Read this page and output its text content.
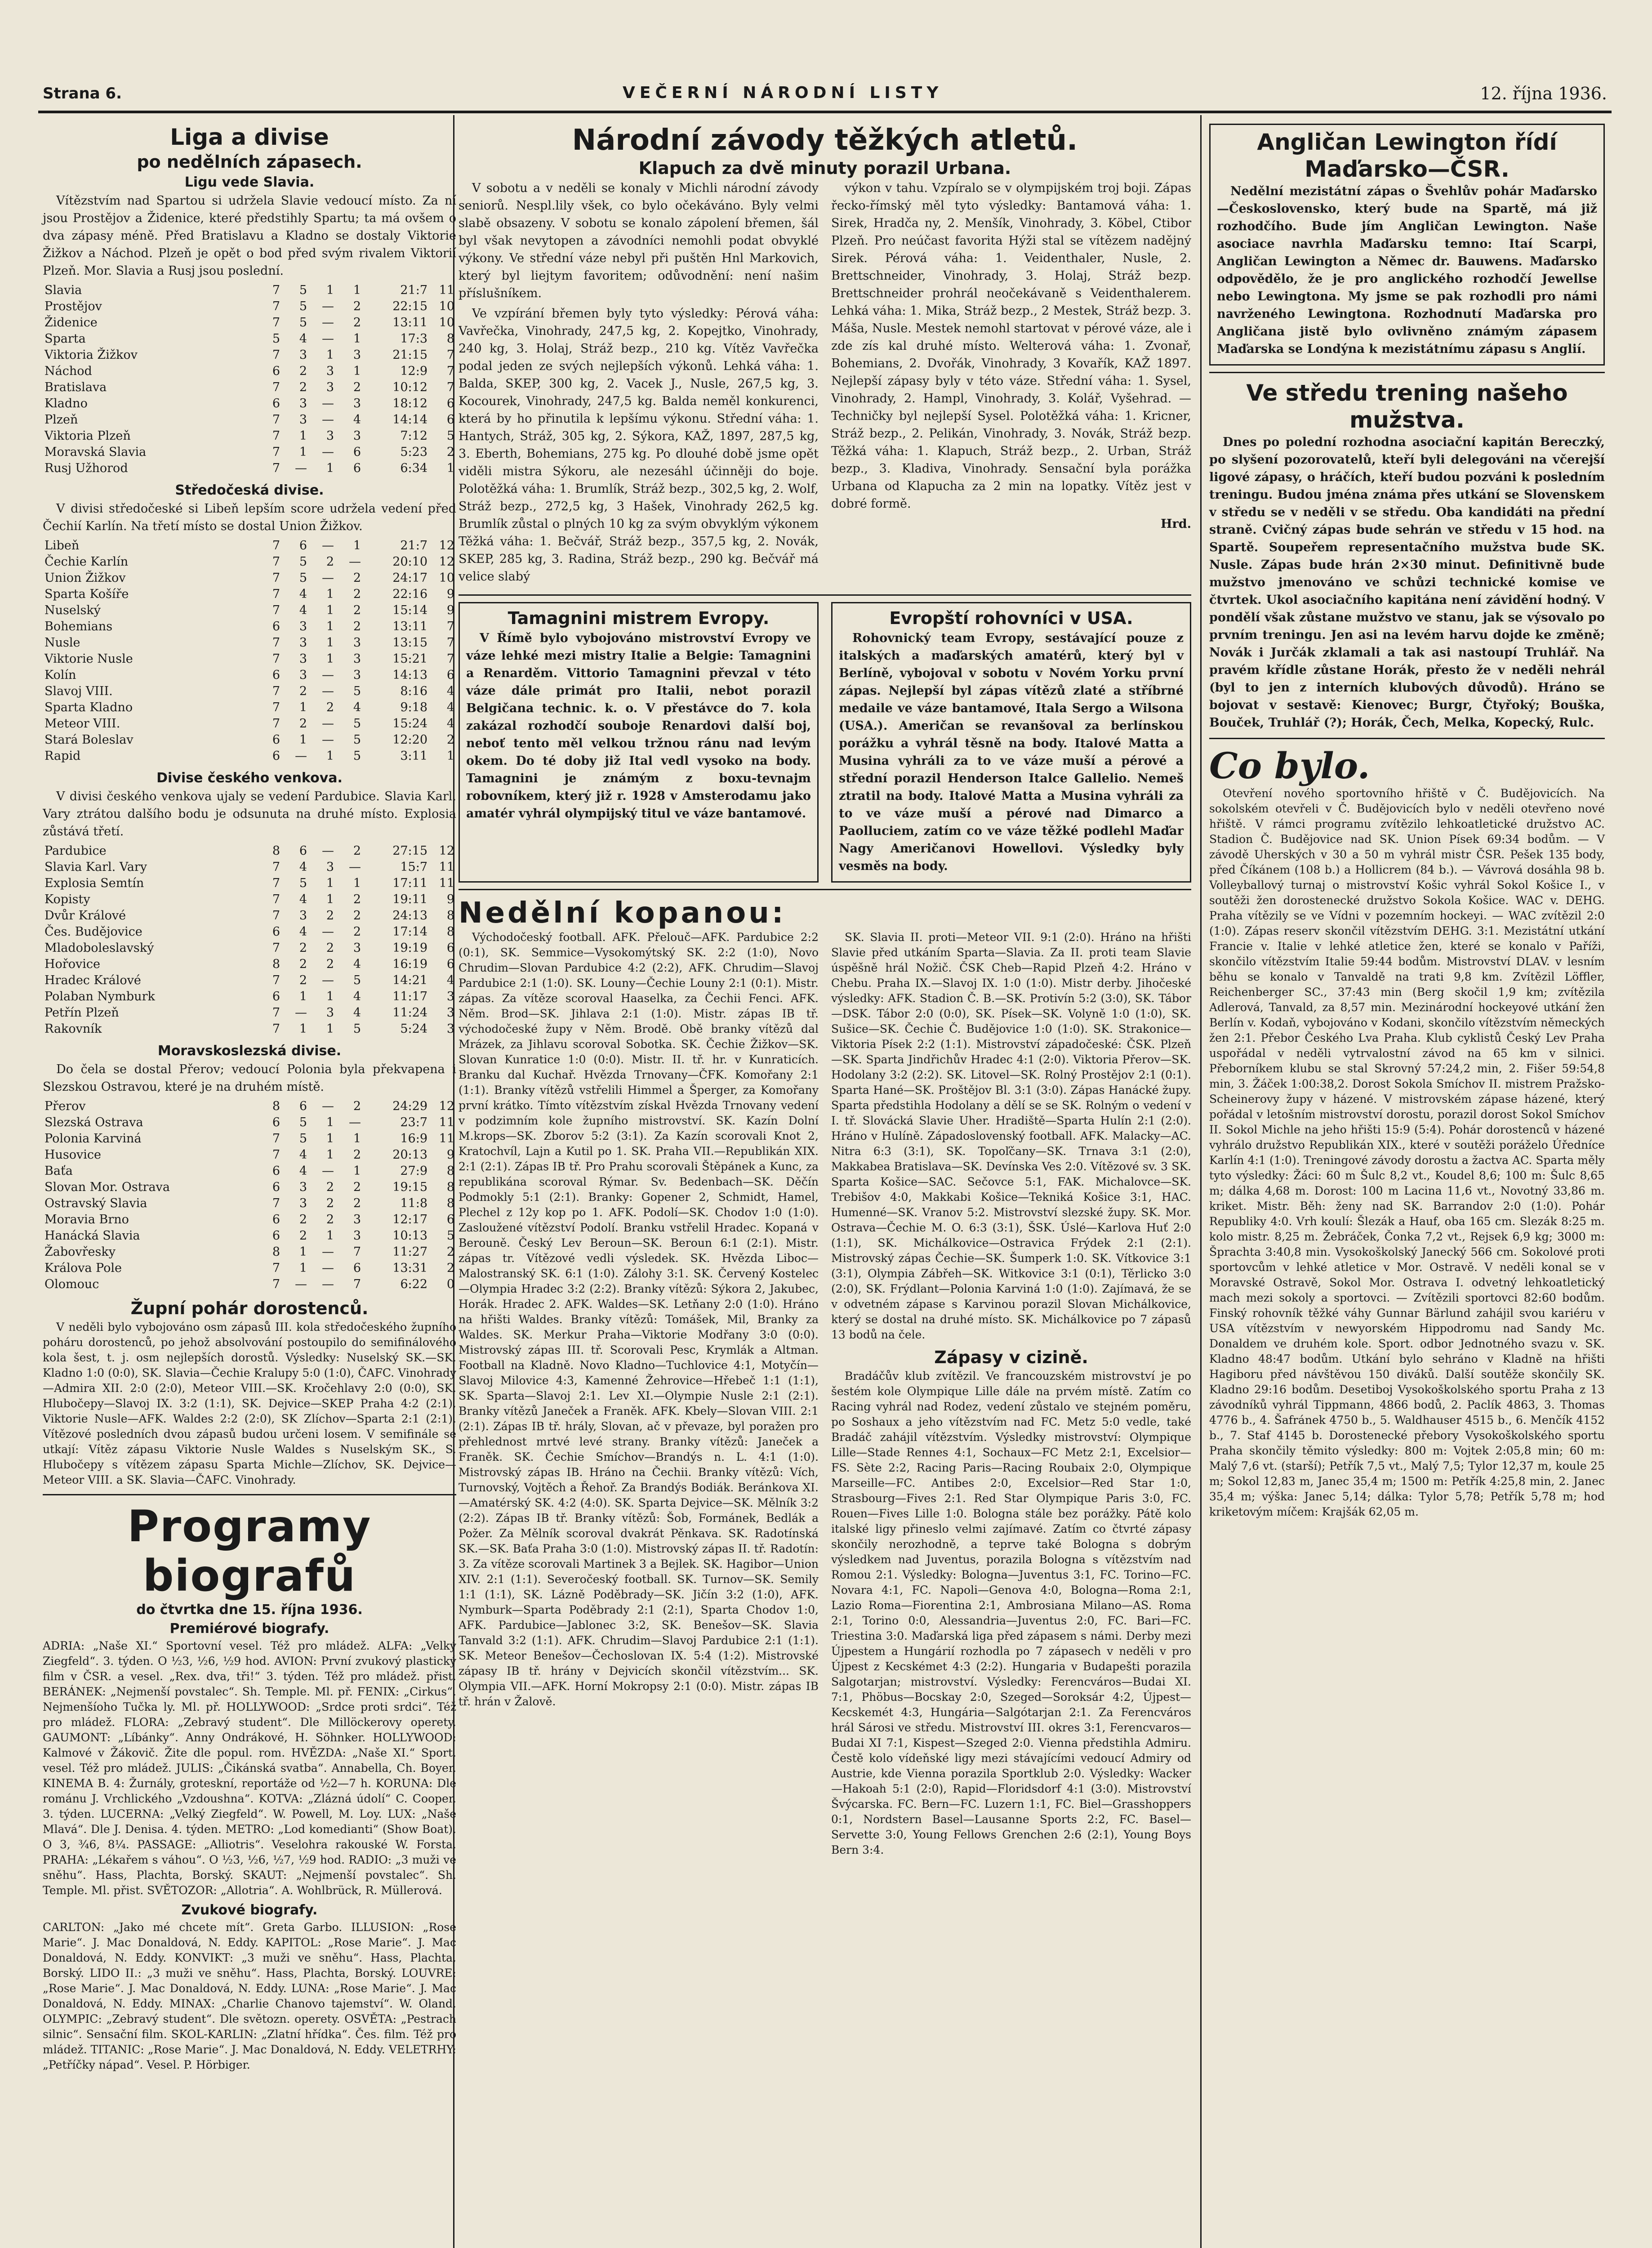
Strana 6.	VEČERNÍ NÁRODNÍ LISTY	12. října 1936.
Liga a divise
po nedělních zápasech.
Ligu vede Slavia.

Vítězstvím nad Spartou si udržela Slavie vedoucí místo. Za ní jsou Prostějov a Židenice, které předstihly Spartu; ta má ovšem o dva zápasy méně. Před Bratislavu a Kladno se dostaly Viktorie Žižkov a Náchod. Plzeň je opět o bod před svým rivalem Viktorií Plzeň. Mor. Slavia a Rusj jsou poslední.

Slavia	7	5	1	1	21:7	11
Prostějov	7	5	—	2	22:15	10
Židenice	7	5	—	2	13:11	10
Sparta	5	4	—	1	17:3	8
Viktoria Žižkov	7	3	1	3	21:15	7
Náchod	6	2	3	1	12:9	7
Bratislava	7	2	3	2	10:12	7
Kladno	6	3	—	3	18:12	6
Plzeň	7	3	—	4	14:14	6
Viktoria Plzeň	7	1	3	3	7:12	5
Moravská Slavia	7	1	—	6	5:23	2
Rusj Užhorod	7	—	1	6	6:34	1
Středočeská divise.

V divisi středočeské si Libeň lepším score udržela vedení před Čechií Karlín. Na třetí místo se dostal Union Žižkov.

Libeň	7	6	—	1	21:7	12
Čechie Karlín	7	5	2	—	20:10	12
Union Žižkov	7	5	—	2	24:17	10
Sparta Košíře	7	4	1	2	22:16	9
Nuselský	7	4	1	2	15:14	9
Bohemians	6	3	1	2	13:11	7
Nusle	7	3	1	3	13:15	7
Viktorie Nusle	7	3	1	3	15:21	7
Kolín	6	3	—	3	14:13	6
Slavoj VIII.	7	2	—	5	8:16	4
Sparta Kladno	7	1	2	4	9:18	4
Meteor VIII.	7	2	—	5	15:24	4
Stará Boleslav	6	1	—	5	12:20	2
Rapid	6	—	1	5	3:11	1
Divise českého venkova.

V divisi českého venkova ujaly se vedení Pardubice. Slavia Karl. Vary ztrátou dalšího bodu je odsunuta na druhé místo. Explosia zůstává třetí.

Pardubice	8	6	—	2	27:15	12
Slavia Karl. Vary	7	4	3	—	15:7	11
Explosia Semtín	7	5	1	1	17:11	11
Kopisty	7	4	1	2	19:11	9
Dvůr Králové	7	3	2	2	24:13	8
Čes. Budějovice	6	4	—	2	17:14	8
Mladoboleslavský	7	2	2	3	19:19	6
Hořovice	8	2	2	4	16:19	6
Hradec Králové	7	2	—	5	14:21	4
Polaban Nymburk	6	1	1	4	11:17	3
Petřín Plzeň	7	—	3	4	11:24	3
Rakovník	7	1	1	5	5:24	3
Moravskoslezská divise.

Do čela se dostal Přerov; vedoucí Polonia byla překvapena i Slezskou Ostravou, které je na druhém místě.

Přerov	8	6	—	2	24:29	12
Slezská Ostrava	6	5	1	—	23:7	11
Polonia Karviná	7	5	1	1	16:9	11
Husovice	7	4	1	2	20:13	9
Baťa	6	4	—	1	27:9	8
Slovan Mor. Ostrava	6	3	2	2	19:15	8
Ostravský Slavia	7	3	2	2	11:8	8
Moravia Brno	6	2	2	3	12:17	6
Hanácká Slavia	6	2	1	3	10:13	5
Žabovřesky	8	1	—	7	11:27	2
Králova Pole	7	1	—	6	13:31	2
Olomouc	7	—	—	7	6:22	0
Župní pohár dorostenců.

V neděli bylo vybojováno osm zápasů III. kola středočeského župního poháru dorostenců, po jehož absolvování postoupilo do semifinálového kola šest, t. j. osm nejlepších dorostů. Výsledky: Nuselský SK.—SK. Kladno 1:0 (0:0), SK. Slavia—Čechie Kralupy 5:0 (1:0), ČAFC. Vinohrady—Admira XII. 2:0 (2:0), Meteor VIII.—SK. Kročehlavy 2:0 (0:0), SK. Hlubočepy—Slavoj IX. 3:2 (1:1), SK. Dejvice—SKEP Praha 4:2 (2:1), Viktorie Nusle—AFK. Waldes 2:2 (2:0), SK Zlíchov—Sparta 2:1 (2:1). Vítězové posledních dvou zápasů budou určeni losem. V semifinále se utkají: Vítěz zápasu Viktorie Nusle Waldes s Nuselským SK., S. Hlubočepy s vítězem zápasu Sparta Michle—Zlíchov, SK. Dejvice—Meteor VIII. a SK. Slavia—ČAFC. Vinohrady.

Programy biografů
do čtvrtka dne 15. října 1936.
Premiérové biografy.

ADRIA: „Naše XI.“ Sportovní vesel. Též pro mládež. ALFA: „Velký Ziegfeld“. 3. týden. O ½3, ½6, ½9 hod. AVION: První zvukový plastický film v ČSR. a vesel. „Rex. dva, tři!“ 3. týden. Též pro mládež. přist. BERÁNEK: „Nejmenší povstalec“. Sh. Temple. Ml. př. FENIX: „Cirkus“. Nejmenšíoho Tučka ly. Ml. př. HOLLYWOOD: „Srdce proti srdci“. Též pro mládež. FLORA: „Zebravý student“. Dle Millöckerovy operety. GAUMONT: „Líbánky“. Anny Ondrákové, H. Söhnker. HOLLYWOOD: Kalmové v Žákovič. Žite dle popul. rom. HVĚZDA: „Naše XI.“ Sport. vesel. Též pro mládež. JULIS: „Čikánská svatba“. Annabella, Ch. Boyer. KINEMA B. 4: Žurnály, groteskní, reportáže od ½2—7 h. KORUNA: Dle románu J. Vrchlického „Vzdoushna“. KOTVA: „Zlázná údolí“ C. Cooper. 3. týden. LUCERNA: „Velký Ziegfeld“. W. Powell, M. Loy. LUX: „Naše Mlavá“. Dle J. Denisa. 4. týden. METRO: „Lod komedianti“ (Show Boat). O 3, ¾6, 8¼. PASSAGE: „Alliotris“. Veselohra rakouské W. Forsta. PRAHA: „Lékařem s váhou“. O ½3, ½6, ½7, ½9 hod. RADIO: „3 muži ve sněhu“. Hass, Plachta, Borský. SKAUT: „Nejmenší povstalec“. Sh. Temple. Ml. přist. SVĚTOZOR: „Allotria“. A. Wohlbrück, R. Müllerová.

Zvukové biografy.

CARLTON: „Jako mé chcete mít“. Greta Garbo. ILLUSION: „Rose Marie“. J. Mac Donaldová, N. Eddy. KAPITOL: „Rose Marie“. J. Mac Donaldová, N. Eddy. KONVIKT: „3 muži ve sněhu“. Hass, Plachta, Borský. LIDO II.: „3 muži ve sněhu“. Hass, Plachta, Borský. LOUVRE: „Rose Marie“. J. Mac Donaldová, N. Eddy. LUNA: „Rose Marie“. J. Mac Donaldová, N. Eddy. MINAX: „Charlie Chanovo tajemství“. W. Oland. OLYMPIC: „Zebravý student“. Dle světozn. operety. OSVĚTA: „Pestrach silnic“. Sensační film. SKOL-KARLIN: „Zlatní hřídka“. Čes. film. Též pro mládež. TITANIC: „Rose Marie“. J. Mac Donaldová, N. Eddy. VELETRHY: „Petříčky nápad“. Vesel. P. Hörbiger.

Národní závody těžkých atletů.
Klapuch za dvě minuty porazil Urbana.

V sobotu a v neděli se konaly v Michli národní závody seniorů. Nespl.lily všek, co bylo očekáváno. Byly velmi slabě obsazeny. V sobotu se konalo zápolení břemen, šál byl však nevytopen a závodníci nemohli podat obvyklé výkony. Ve střední váze nebyl při puštěn Hnl Markovich, který byl liejtym favoritem; odůvodnění: není našim příslušníkem.

Ve vzpírání břemen byly tyto výsledky: Pérová váha: Vavřečka, Vinohrady, 247,5 kg, 2. Kopejtko, Vinohrady, 240 kg, 3. Holaj, Stráž bezp., 210 kg. Vítěz Vavřečka podal jeden ze svých nejlepších výkonů. Lehká váha: 1. Balda, SKEP, 300 kg, 2. Vacek J., Nusle, 267,5 kg, 3. Kocourek, Vinohrady, 247,5 kg. Balda neměl konkurenci, která by ho přinutila k lepšímu výkonu. Střední váha: 1. Hantych, Stráž, 305 kg, 2. Sýkora, KAŽ, 1897, 287,5 kg, 3. Eberth, Bohemians, 275 kg. Po dlouhé době jsme opět viděli mistra Sýkoru, ale nezesáhl účinněji do boje. Polotěžká váha: 1. Brumlík, Stráž bezp., 302,5 kg, 2. Wolf, Stráž bezp., 272,5 kg, 3 Hašek, Vinohrady 262,5 kg. Brumlík zůstal o plných 10 kg za svým obvyklým výkonem Těžká váha: 1. Bečvář, Stráž bezp., 357,5 kg, 2. Novák, SKEP, 285 kg, 3. Radina, Stráž bezp., 290 kg. Bečvář má velice slabý

výkon v tahu. Vzpíralo se v olympijském troj boji. Zápas řecko-římský měl tyto výsledky: Bantamová váha: 1. Sirek, Hradča ny, 2. Menšík, Vinohrady, 3. Köbel, Ctibor Plzeň. Pro neúčast favorita Hýži stal se vítězem nadějný Sirek. Pérová váha: 1. Veidenthaler, Nusle, 2. Brettschneider, Vinohrady, 3. Holaj, Stráž bezp. Brettschneider prohrál neočekávaně s Veidenthalerem. Lehká váha: 1. Mika, Stráž bezp., 2 Mestek, Stráž bezp. 3. Máša, Nusle. Mestek nemohl startovat v pérové váze, ale i zde zís kal druhé místo. Welterová váha: 1. Zvonař, Bohemians, 2. Dvořák, Vinohrady, 3 Kovařík, KAŽ 1897. Nejlepší zápasy byly v této váze. Střední váha: 1. Sysel, Vinohrady, 2. Hampl, Vinohrady, 3. Kolář, Vyšehrad. — Techničky byl nejlepší Sysel. Polotěžká váha: 1. Kricner, Stráž bezp., 2. Pelikán, Vinohrady, 3. Novák, Stráž bezp. Těžká váha: 1. Klapuch, Stráž bezp., 2. Urban, Stráž bezp., 3. Kladiva, Vinohrady. Sensační byla porážka Urbana od Klapucha za 2 min na lopatky. Vítěz jest v dobré formě.

Hrd.
Tamagnini mistrem Evropy.

V Římě bylo vybojováno mistrovství Evropy ve váze lehké mezi mistry Italie a Belgie: Tamagnini a Renarděm. Vittorio Tamagnini převzal v této váze dále primát pro Italii, nebot porazil Belgičana technic. k. o. V přestávce do 7. kola zakázal rozhodčí souboje Renardovi další boj, neboť tento měl velkou tržnou ránu nad levým okem. Do té doby již Ital vedl vysoko na body. Tamagnini je známým z boxu-tevnajm robovníkem, který již r. 1928 v Amsterodamu jako amatér vyhrál olympijský titul ve váze bantamové.

Evropští rohovníci v USA.

Rohovnický team Evropy, sestávající pouze z italských a maďarských amatérů, který byl v Berlíně, vybojoval v sobotu v Novém Yorku první zápas. Nejlepší byl zápas vítězů zlaté a stříbrné medaile ve váze bantamové, Itala Sergo a Wilsona (USA.). Američan se revanšoval za berlínskou porážku a vyhrál těsně na body. Italové Matta a Musina vyhráli za to ve váze muší a pérové a střední porazil Henderson Italce Gallelio. Nemeš ztratil na body. Italové Matta a Musina vyhráli za to ve váze muší a pérové nad Dimarco a Paolluciem, zatím co ve váze těžké podlehl Maďar Nagy Američanovi Howellovi. Výsledky byly vesměs na body.

Nedělní kopanou:

Východočeský football. AFK. Přelouč—AFK. Pardubice 2:2 (0:1), SK. Semmice—Vysokomýtský SK. 2:2 (1:0), Novo Chrudim—Slovan Pardubice 4:2 (2:2), AFK. Chrudim—Slavoj Pardubice 2:1 (1:0). SK. Louny—Čechie Louny 2:1 (0:1). Mistr. zápas. Za vítěze scoroval Haaselka, za Čechii Fenci. AFK. Něm. Brod—SK. Jihlava 2:1 (1:0). Mistr. zápas IB tř. východočeské župy v Něm. Brodě. Obě branky vítězů dal Mrázek, za Jihlavu scoroval Sobotka. SK. Čechie Žižkov—SK. Slovan Kunratice 1:0 (0:0). Mistr. II. tř. hr. v Kunraticích. Branku dal Kuchař. Hvězda Trnovany—ČFK. Komořany 2:1 (1:1). Branky vítězů vstřelili Himmel a Šperger, za Komořany první krátko. Tímto vítězstvím získal Hvězda Trnovany vedení v podzimním kole župního mistrovství. SK. Kazín Dolní M.krops—SK. Zborov 5:2 (3:1). Za Kazín scorovali Knot 2, Kratochvíl, Lajn a Kutil po 1. SK. Praha VII.—Republikán XIX. 2:1 (2:1). Zápas IB tř. Pro Prahu scorovali Štěpánek a Kunc, za republikána scoroval Rýmar. Sv. Bedenbach—SK. Děčín Podmokly 5:1 (2:1). Branky: Gopener 2, Schmidt, Hamel, Plechel z 12y kop po 1. AFK. Podolí—SK. Chodov 1:0 (1:0). Zasloužené vítězství Podolí. Branku vstřelil Hradec. Kopaná v Berouně. Český Lev Beroun—SK. Beroun 6:1 (2:1). Mistr. zápas tr. Vítězové vedli výsledek. SK. Hvězda Liboc—Malostranský SK. 6:1 (1:0). Zálohy 3:1. SK. Červený Kostelec—Olympia Hradec 3:2 (2:2). Branky vítězů: Sýkora 2, Jakubec, Horák. Hradec 2. AFK. Waldes—SK. Letňany 2:0 (1:0). Hráno na hřišti Waldes. Branky vítězů: Tomášek, Mil, Branky za Waldes. SK. Merkur Praha—Viktorie Modřany 3:0 (0:0). Mistrovský zápas III. tř. Scorovali Pesc, Krymlák a Altman. Football na Kladně. Novo Kladno—Tuchlovice 4:1, Motyčín—Slavoj Milovice 4:3, Kamenné Žehrovice—Hřebeč 1:1 (1:1), SK. Sparta—Slavoj 2:1. Lev XI.—Olympie Nusle 2:1 (2:1). Branky vítězů Janeček a Franěk. AFK. Kbely—Slovan VIII. 2:1 (2:1). Zápas IB tř. hrály, Slovan, ač v převaze, byl poražen pro přehlednost mrtvé levé strany. Branky vítězů: Janeček a Franěk. SK. Čechie Smíchov—Brandýs n. L. 4:1 (1:0). Mistrovský zápas IB. Hráno na Čechii. Branky vítězů: Vích, Turnovský, Vojtěch a Řehoř. Za Brandýs Bodiák. Beránkova XI.—Amatérský SK. 4:2 (4:0). SK. Sparta Dejvice—SK. Mělník 3:2 (2:2). Zápas IB tř. Branky vítězů: Šob, Formánek, Bedlák a Požer. Za Mělník scoroval dvakrát Pěnkava. SK. Radotínská SK.—SK. Baťa Praha 3:0 (1:0). Mistrovský zápas II. tř. Radotín: 3. Za vítěze scorovali Martinek 3 a Bejlek. SK. Hagibor—Union XIV. 2:1 (1:1). Severočeský football. SK. Turnov—SK. Semily 1:1 (1:1), SK. Lázně Poděbrady—SK. Jičín 3:2 (1:0), AFK. Nymburk—Sparta Poděbrady 2:1 (2:1), Sparta Chodov 1:0, AFK. Pardubice—Jablonec 3:2, SK. Benešov—SK. Slavia Tanvald 3:2 (1:1). AFK. Chrudim—Slavoj Pardubice 2:1 (1:1). SK. Meteor Benešov—Čechoslovan IX. 5:4 (1:2). Mistrovské zápasy IB tř. hrány v Dejvicích skončil vítězstvím... SK. Olympia VII.—AFK. Horní Mokropsy 2:1 (0:0). Mistr. zápas IB tř. hrán v Žalově.

SK. Slavia II. proti—Meteor VII. 9:1 (2:0). Hráno na hřišti Slavie před utkáním Sparta—Slavia. Za II. proti team Slavie úspěšně hrál Nožič. ČSK Cheb—Rapid Plzeň 4:2. Hráno v Chebu. Praha IX.—Slavoj IX. 1:0 (1:0). Mistr derby. Jihočeské výsledky: AFK. Stadion Č. B.—SK. Protivín 5:2 (3:0), SK. Tábor—DSK. Tábor 2:0 (0:0), SK. Písek—SK. Volyně 1:0 (1:0), SK. Sušice—SK. Čechie Č. Budějovice 1:0 (1:0). SK. Strakonice—Viktoria Písek 2:2 (1:1). Mistrovství západočeské: ČSK. Plzeň—SK. Sparta Jindřichův Hradec 4:1 (2:0). Viktoria Přerov—SK. Hodolany 3:2 (2:2). SK. Litovel—SK. Rolný Prostějov 2:1 (0:1). Sparta Hané—SK. Proštějov Bl. 3:1 (3:0). Zápas Hanácké župy. Sparta předstihla Hodolany a dělí se se SK. Rolným o vedení v I. tř. Slovácká Slavie Uher. Hradiště—Sparta Hulín 2:1 (2:0). Hráno v Hulíně. Západoslovenský football. AFK. Malacky—AC. Nitra 6:3 (3:1), SK. Topoľčany—SK. Trnava 3:1 (2:0), Makkabea Bratislava—SK. Devínska Ves 2:0. Vítězové sv. 3 SK. Sparta Košice—SAC. Sečovce 5:1, FAK. Michalovce—SK. Trebišov 4:0, Makkabi Košice—Tekniká Košice 3:1, HAC. Humenné—SK. Vranov 5:2. Mistrovství slezské župy. SK. Mor. Ostrava—Čechie M. O. 6:3 (3:1), ŠSK. Úslé—Karlova Huť 2:0 (1:1), SK. Michálkovice—Ostravica Frýdek 2:1 (2:1). Mistrovský zápas Čechie—SK. Šumperk 1:0. SK. Vítkovice 3:1 (3:1), Olympia Zábřeh—SK. Witkovice 3:1 (0:1), Těrlicko 3:0 (2:0), SK. Frýdlant—Polonia Karviná 1:0 (1:0). Zajímavá, že se v odvetném zápase s Karvinou porazil Slovan Michálkovice, který se dostal na druhé místo. SK. Michálkovice po 7 zápasů 13 bodů na čele.

Zápasy v cizině.

Bradáčův klub zvítězil. Ve francouzském mistrovství je po šestém kole Olympique Lille dále na prvém místě. Zatím co Racing vyhrál nad Rodez, vedení zůstalo ve stejném poměru, po Soshaux a jeho vítězstvím nad FC. Metz 5:0 vedle, také Bradáč zahájil vítězstvím. Výsledky mistrovství: Olympique Lille—Stade Rennes 4:1, Sochaux—FC Metz 2:1, Excelsior—FS. Sète 2:2, Racing Paris—Racing Roubaix 2:0, Olympique Marseille—FC. Antibes 2:0, Excelsior—Red Star 1:0, Strasbourg—Fives 2:1. Red Star Olympique Paris 3:0, FC. Rouen—Fives Lille 1:0. Bologna stále bez porážky. Pátě kolo italské ligy přineslo velmi zajímavé. Zatím co čtvrté zápasy skončily nerozhodně, a teprve také Bologna s dobrým výsledkem nad Juventus, porazila Bologna s vítězstvím nad Romou 2:1. Výsledky: Bologna—Juventus 3:1, FC. Torino—FC. Novara 4:1, FC. Napoli—Genova 4:0, Bologna—Roma 2:1, Lazio Roma—Fiorentina 2:1, Ambrosiana Milano—AS. Roma 2:1, Torino 0:0, Alessandria—Juventus 2:0, FC. Bari—FC. Triestina 3:0. Maďarská liga před zápasem s námi. Derby mezi Újpestem a Hungárií rozhodla po 7 zápasech v neděli v pro Újpest z Kecskémet 4:3 (2:2). Hungaria v Budapešti porazila Salgotarjan; mistrovství. Výsledky: Ferencváros—Budai XI. 7:1, Phöbus—Bocskay 2:0, Szeged—Soroksár 4:2, Újpest—Kecskemét 4:3, Hungária—Salgótarjan 2:1. Za Ferencváros hrál Sárosi ve středu. Mistrovství III. okres 3:1, Ferencvaros—Budai XI 7:1, Kispest—Szeged 2:0. Vienna předstihla Admiru. Čestě kolo vídeňské ligy mezi stávajícími vedoucí Admiry od Austrie, kde Vienna porazila Sportklub 2:0. Výsledky: Wacker—Hakoah 5:1 (2:0), Rapid—Floridsdorf 4:1 (3:0). Mistrovství Švýcarska. FC. Bern—FC. Luzern 1:1, FC. Biel—Grasshoppers 0:1, Nordstern Basel—Lausanne Sports 2:2, FC. Basel—Servette 3:0, Young Fellows Grenchen 2:6 (2:1), Young Boys Bern 3:4.

Angličan Lewington řídí Maďarsko—ČSR.

Nedělní mezistátní zápas o Švehlův pohár Maďarsko—Československo, který bude na Spartě, má již rozhodčího. Bude jím Angličan Lewington. Naše asociace navrhla Maďarsku temno: Itaí Scarpi, Angličan Lewington a Němec dr. Bauwens. Maďarsko odpovědělo, že je pro anglického rozhodčí Jewellse nebo Lewingtona. My jsme se pak rozhodli pro námi navrženého Lewingtona. Rozhodnutí Maďarska pro Angličana jistě bylo ovlivněno známým zápasem Maďarska se Londýna k mezistátnímu zápasu s Anglií.

Ve středu trening našeho mužstva.

Dnes po polední rozhodna asociační kapitán Bereczký, po slyšení pozorovatelů, kteří byli delegováni na včerejší ligové zápasy, o hráčích, kteří budou pozváni k posledním treningu. Budou jména známa přes utkání se Slovenskem v středu se v neděli v se středu. Oba kandidáti na přední straně. Cvičný zápas bude sehrán ve středu v 15 hod. na Spartě. Soupeřem representačního mužstva bude SK. Nusle. Zápas bude hrán 2×30 minut. Definitivně bude mužstvo jmenováno ve schůzi technické komise ve čtvrtek. Ukol asociačního kapitána není závidění hodný. V pondělí však zůstane mužstvo ve stanu, jak se výsovalo po prvním treningu. Jen asi na levém harvu dojde ke změně; Novák i Jurčák zklamali a tak asi nastoupí Truhlář. Na pravém křídle zůstane Horák, přesto že v neděli nehrál (byl to jen z interních klubových důvodů). Hráno se bojovat v sestavě: Kienovec; Burgr, Čtyřoký; Bouška, Bouček, Truhlář (?); Horák, Čech, Melka, Kopecký, Rulc.

Co bylo.

Otevření nového sportovního hřiště v Č. Budějovicích. Na sokolském otevřeli v Č. Budějovicích bylo v neděli otevřeno nové hřiště. V rámci programu zvítězilo lehkoatletické družstvo AC. Stadion Č. Budějovice nad SK. Union Písek 69:34 bodům. — V závodě Uherských v 30 a 50 m vyhrál mistr ČSR. Pešek 135 body, před Číkánem (108 b.) a Hollicrem (84 b.). — Vávrová dosáhla 98 b. Volleyballový turnaj o mistrovství Košic vyhrál Sokol Košice I., v soutěži žen dorostenecké družstvo Sokola Košice. WAC v. DEHG. Praha vítězily se ve Vídni v pozemním hockeyi. — WAC zvítězil 2:0 (1:0). Zápas reserv skončil vítězstvím DEHG. 3:1. Mezistátní utkání Francie v. Italie v lehké atletice žen, které se konalo v Paříži, skončilo vítězstvím Italie 59:44 bodům. Mistrovství DLAV. v lesním běhu se konalo v Tanvaldě na trati 9,8 km. Zvítězil Löffler, Reichenberger SC., 37:43 min (Berg skočil 1,9 km; zvítězila Adlerová, Tanvald, za 8,57 min. Mezinárodní hockeyové utkání žen Berlín v. Kodaň, vybojováno v Kodani, skončilo vítězstvím německých žen 2:1. Přebor Českého Lva Praha. Klub cyklistů Český Lev Praha uspořádal v neděli vytrvalostní závod na 65 km v silnici. Přeborníkem klubu se stal Skrovný 57:24,2 min, 2. Fišer 59:54,8 min, 3. Žáček 1:00:38,2. Dorost Sokola Smíchov II. mistrem Pražsko-Scheinerovy župy v házené. V mistrovském zápase házené, který pořádal v letošním mistrovství dorostu, porazil dorost Sokol Smíchov II. Sokol Michle na jeho hřišti 15:9 (5:4). Pohár dorostenců v házené vyhrálo družstvo Republikán XIX., které v soutěži poráželo Úředníce Karlín 4:1 (1:0). Treningové závody dorostu a žactva AC. Sparta měly tyto výsledky: Žáci: 60 m Šulc 8,2 vt., Koudel 8,6; 100 m: Šulc 8,65 m; dálka 4,68 m. Dorost: 100 m Lacina 11,6 vt., Novotný 33,86 m. kriket. Mistr. Běh: ženy nad SK. Barrandov 2:0 (1:0). Pohár Republiky 4:0. Vrh koulí: Šlezák a Hauf, oba 165 cm. Slezák 8:25 m. kolo mistr. 8,25 m. Žebráček, Čonka 7,2 vt., Rejsek 6,9 kg; 3000 m: Šprachta 3:40,8 min. Vysokoškolský Janecký 566 cm. Sokolové proti sportovcům v lehké atletice v Mor. Ostravě. V neděli konal se v Moravské Ostravě, Sokol Mor. Ostrava I. odvetný lehkoatletický mach mezi sokoly a sportovci. — Zvítězili sportovci 82:60 bodům. Finský rohovník těžké váhy Gunnar Bärlund zahájil svou kariéru v USA vítězstvím v newyorském Hippodromu nad Sandy Mc. Donaldem ve druhém kole. Sport. odbor Jednotného svazu v. SK. Kladno 48:47 bodům. Utkání bylo sehráno v Kladně na hřišti Hagiboru před návštěvou 150 diváků. Další soutěže skončily SK. Kladno 29:16 bodům. Desetiboj Vysokoškolského sportu Praha z 13 závodníků vyhrál Tippmann, 4866 bodů, 2. Paclík 4863, 3. Thomas 4776 b., 4. Šafránek 4750 b., 5. Waldhauser 4515 b., 6. Menčík 4152 b., 7. Staf 4145 b. Dorostenecké přebory Vysokoškolského sportu Praha skončily těmito výsledky: 800 m: Vojtek 2:05,8 min; 60 m: Malý 7,6 vt. (starší); Petřík 7,5 vt., Malý 7,5; Tylor 12,37 m, koule 25 m; Sokol 12,83 m, Janec 35,4 m; 1500 m: Petřík 4:25,8 min, 2. Janec 35,4 m; výška: Janec 5,14; dálka: Tylor 5,78; Petřík 5,78 m; hod kriketovým míčem: Krajšák 62,05 m.
